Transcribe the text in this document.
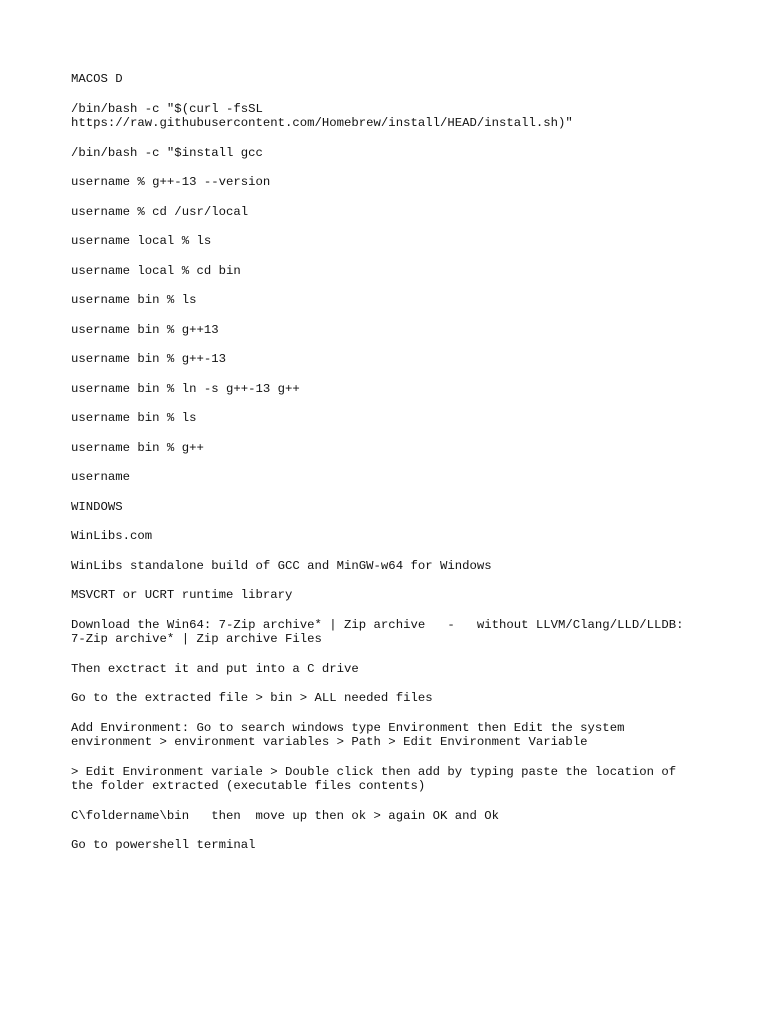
MACOS D

/bin/bash -c "$(curl -fsSL
https://raw.githubusercontent.com/Homebrew/install/HEAD/install.sh)"

/bin/bash -c "$install gcc

username % g++-13 --version

username % cd /usr/local

username local % ls

username local % cd bin

username bin % ls

username bin % g++13

username bin % g++-13

username bin % ln -s g++-13 g++

username bin % ls

username bin % g++

username

WINDOWS

WinLibs.com

WinLibs standalone build of GCC and MinGW-w64 for Windows

MSVCRT or UCRT runtime library

Download the Win64: 7-Zip archive* | Zip archive   -   without LLVM/Clang/LLD/LLDB:
7-Zip archive* | Zip archive Files

Then exctract it and put into a C drive

Go to the extracted file > bin > ALL needed files

Add Environment: Go to search windows type Environment then Edit the system
environment > environment variables > Path > Edit Environment Variable

> Edit Environment variale > Double click then add by typing paste the location of
the folder extracted (executable files contents)

C\foldername\bin   then  move up then ok > again OK and Ok

Go to powershell terminal
